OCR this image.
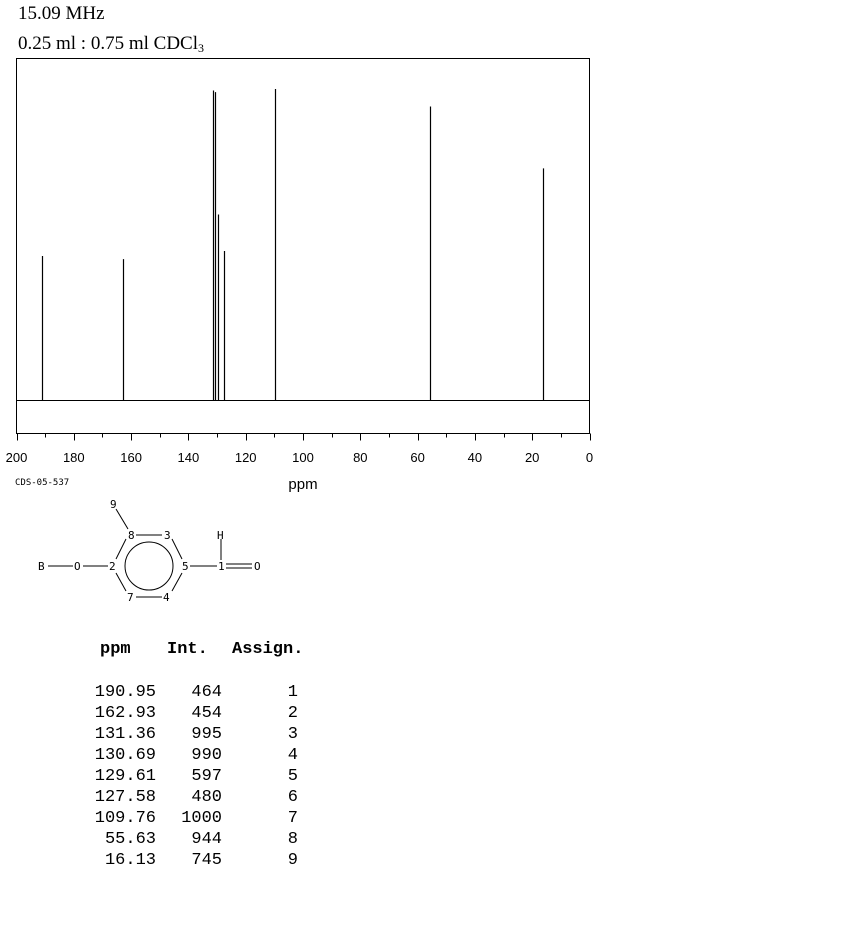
15.09 MHz
0.25 ml : 0.75 ml CDCl$_3$
200	180	160	140	120	100	80	60	40	20	0
ppm
CDS-05-537
9
8	3	H
B	O	2	5	1	O
7	4
ppm	Int. Assign.
190.95	464	1
162.93	454	2
131.36	995	3
130.69	990	4
129.61	597	5
127.58	480	6
109.76	1000	7
55.63	944	8
16.13	745	9
